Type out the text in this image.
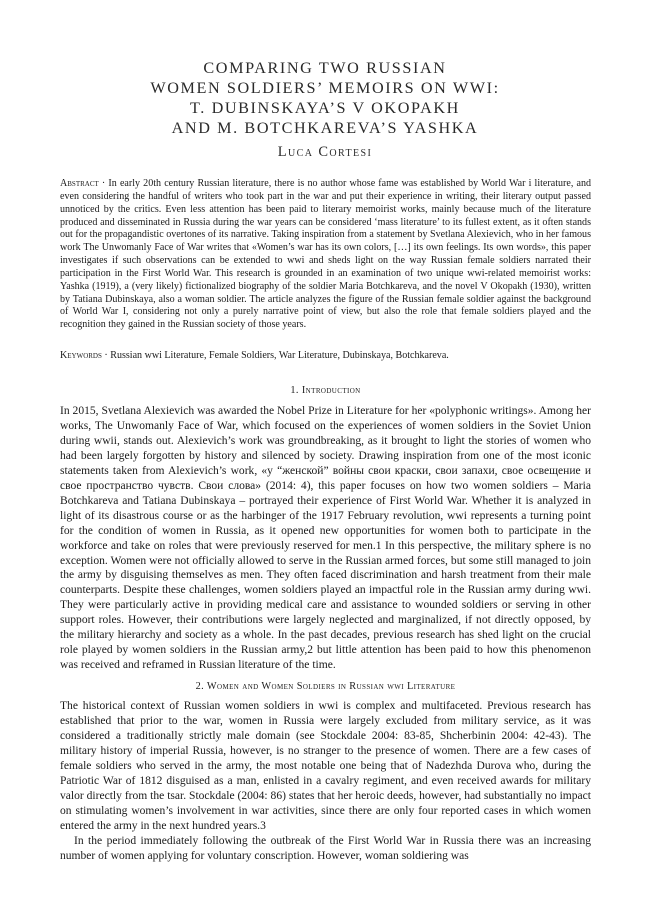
COMPARING TWO RUSSIAN
WOMEN SOLDIERS’ MEMOIRS ON WWI:
T. DUBINSKAYA’S V OKOPAKH
AND M. BOTCHKAREVA’S YASHKA
Luca Cortesi
Abstract · In early 20th century Russian literature, there is no author whose fame was established by World War i literature, and even considering the handful of writers who took part in the war and put their experience in writing, their literary output passed unnoticed by the critics. Even less attention has been paid to literary memoirist works, mainly because much of the literature produced and disseminated in Russia during the war years can be considered ‘mass literature’ to its fullest extent, as it often stands out for the propagandistic overtones of its narrative. Taking inspiration from a statement by Svetlana Alexievich, who in her famous work The Unwomanly Face of War writes that «Women’s war has its own colors, […] its own feelings. Its own words», this paper investigates if such observations can be extended to wwi and sheds light on the way Russian female soldiers narrated their participation in the First World War. This research is grounded in an examination of two unique wwi-related memoirist works: Yashka (1919), a (very likely) fictionalized biography of the soldier Maria Botchkareva, and the novel V Okopakh (1930), written by Tatiana Dubinskaya, also a woman soldier. The article analyzes the figure of the Russian female soldier against the background of World War I, considering not only a purely narrative point of view, but also the role that female soldiers played and the recognition they gained in the Russian society of those years.
Keywords · Russian wwi Literature, Female Soldiers, War Literature, Dubinskaya, Botchkareva.
1. Introduction

In 2015, Svetlana Alexievich was awarded the Nobel Prize in Literature for her «polyphonic writings». Among her works, The Unwomanly Face of War, which focused on the experiences of women soldiers in the Soviet Union during wwii, stands out. Alexievich’s work was groundbreaking, as it brought to light the stories of women who had been largely forgotten by history and silenced by society. Drawing inspiration from one of the most iconic statements taken from Alexievich’s work, «у “женской” войны свои краски, свои запахи, свое освещение и свое пространство чувств. Свои слова» (2014: 4), this paper focuses on how two women soldiers – Maria Botchkareva and Tatiana Dubinskaya – portrayed their experience of First World War. Whether it is analyzed in light of its disastrous course or as the harbinger of the 1917 February revolution, wwi represents a turning point for the condition of women in Russia, as it opened new opportunities for women both to participate in the workforce and take on roles that were previously reserved for men.1 In this perspective, the military sphere is no exception. Women were not officially allowed to serve in the Russian armed forces, but some still managed to join the army by disguising themselves as men. They often faced discrimination and harsh treatment from their male counterparts. Despite these challenges, women soldiers played an impactful role in the Russian army during wwi. They were particularly active in providing medical care and assistance to wounded soldiers or serving in other support roles. However, their contributions were largely neglected and marginalized, if not directly opposed, by the military hierarchy and society as a whole. In the past decades, previous research has shed light on the crucial role played by women soldiers in the Russian army,2 but little attention has been paid to how this phenomenon was received and reframed in Russian literature of the time.

2. Women and Women Soldiers in Russian wwi Literature

The historical context of Russian women soldiers in wwi is complex and multifaceted. Previous research has established that prior to the war, women in Russia were largely excluded from military service, as it was considered a traditionally strictly male domain (see Stockdale 2004: 83-85, Shcherbinin 2004: 42-43). The military history of imperial Russia, however, is no stranger to the presence of women. There are a few cases of female soldiers who served in the army, the most notable one being that of Nadezhda Durova who, during the Patriotic War of 1812 disguised as a man, enlisted in a cavalry regiment, and even received awards for military valor directly from the tsar. Stockdale (2004: 86) states that her heroic deeds, however, had substantially no impact on stimulating women’s involvement in war activities, since there are only four reported cases in which women entered the army in the next hundred years.3

In the period immediately following the outbreak of the First World War in Russia there was an increasing number of women applying for voluntary conscription. However, woman soldiering was
